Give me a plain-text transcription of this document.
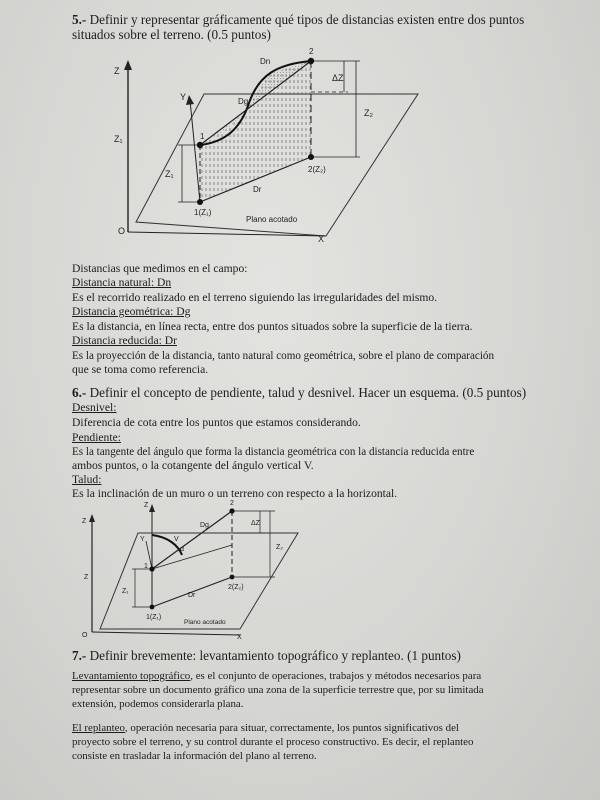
5.- Definir y representar gráficamente qué tipos de distancias existen entre dos puntos
situados sobre el terreno. (0.5 puntos)
Z
Y
X
O
Z₁
Z₁
Z₂
ΔZ
Dn
Dg
Dr
1
2
1(Z₁)
2(Z₂)
Plano acotado
Distancias que medimos en el campo:
Distancia natural: Dn
Es el recorrido realizado en el terreno siguiendo las irregularidades del mismo.
Distancia geométrica: Dg
Es la distancia, en línea recta, entre dos puntos situados sobre la superficie de la tierra.
Distancia reducida: Dr
Es la proyección de la distancia, tanto natural como geométrica, sobre el plano de comparación
que se toma como referencia.
6.- Definir el concepto de pendiente, talud y desnivel. Hacer un esquema. (0.5 puntos)
Desnivel:
Diferencia de cota entre los puntos que estamos considerando.
Pendiente:
Es la tangente del ángulo que forma la distancia geométrica con la distancia reducida entre
ambos puntos, o la cotangente del ángulo vertical V.
Talud:
Es la inclinación de un muro o un terreno con respecto a la horizontal.
Z
Z
Y
X
O
Z
Z₁
Z₂
ΔZ
Dg
Dr
V
α
1
2
1(Z₁)
2(Z₂)
Plano acotado
7.- Definir brevemente: levantamiento topográfico y replanteo. (1 puntos)
Levantamiento topográfico, es el conjunto de operaciones, trabajos y métodos necesarios para
representar sobre un documento gráfico una zona de la superficie terrestre que, por su limitada
extensión, podemos considerarla plana.
El replanteo, operación necesaria para situar, correctamente, los puntos significativos del
proyecto sobre el terreno, y su control durante el proceso constructivo. Es decir, el replanteo
consiste en trasladar la información del plano al terreno.
